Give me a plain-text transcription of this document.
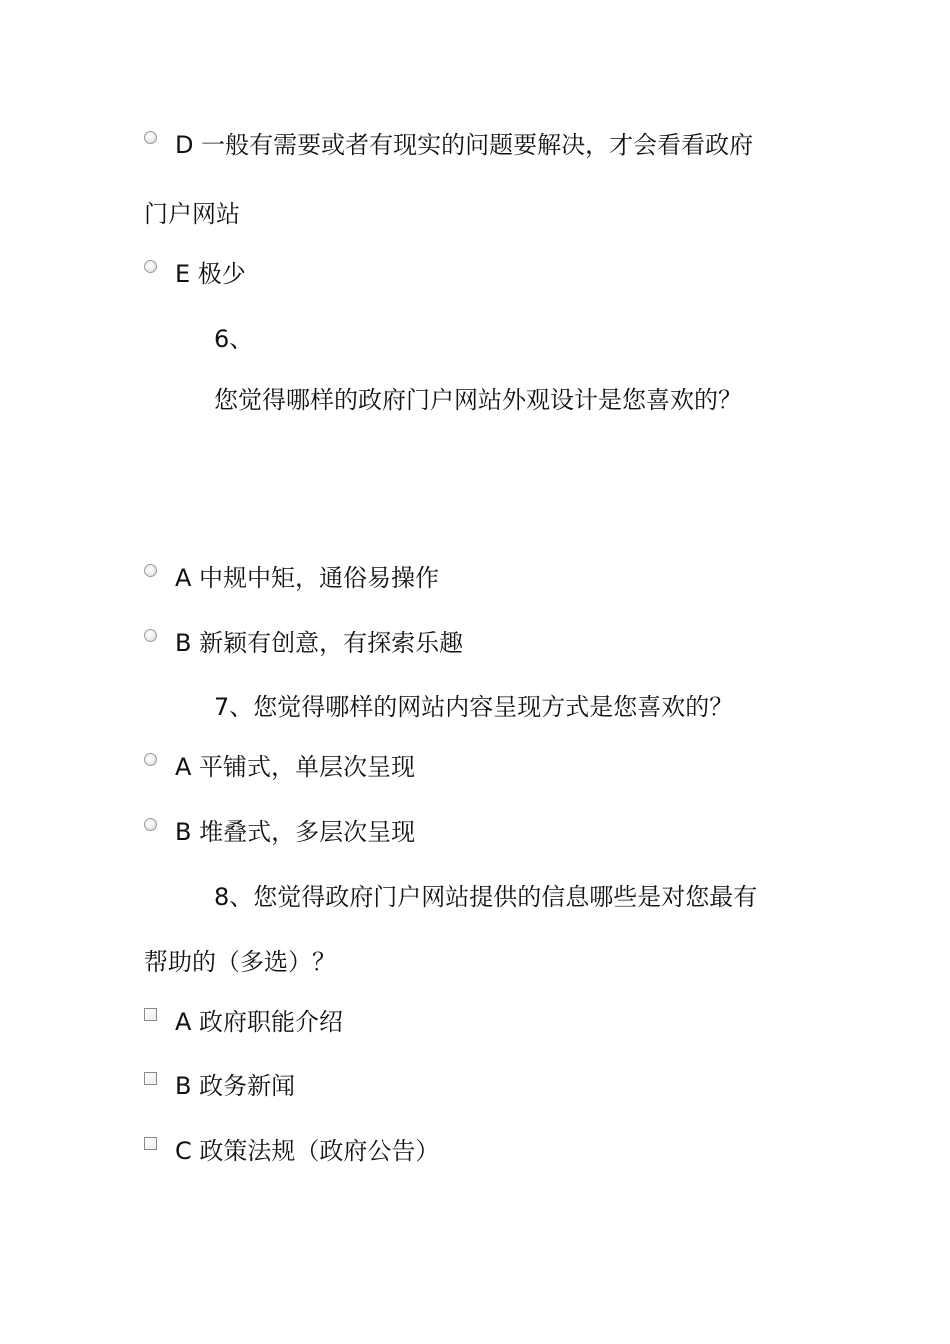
D 一般有需要或者有现实的问题要解决，才会看看政府
门户网站
E 极少
6、
您觉得哪样的政府门户网站外观设计是您喜欢的？
A 中规中矩，通俗易操作
B 新颖有创意，有探索乐趣
7、您觉得哪样的网站内容呈现方式是您喜欢的？
A 平铺式，单层次呈现
B 堆叠式，多层次呈现
8、您觉得政府门户网站提供的信息哪些是对您最有
帮助的（多选）？
A 政府职能介绍
B 政务新闻
C 政策法规（政府公告）
